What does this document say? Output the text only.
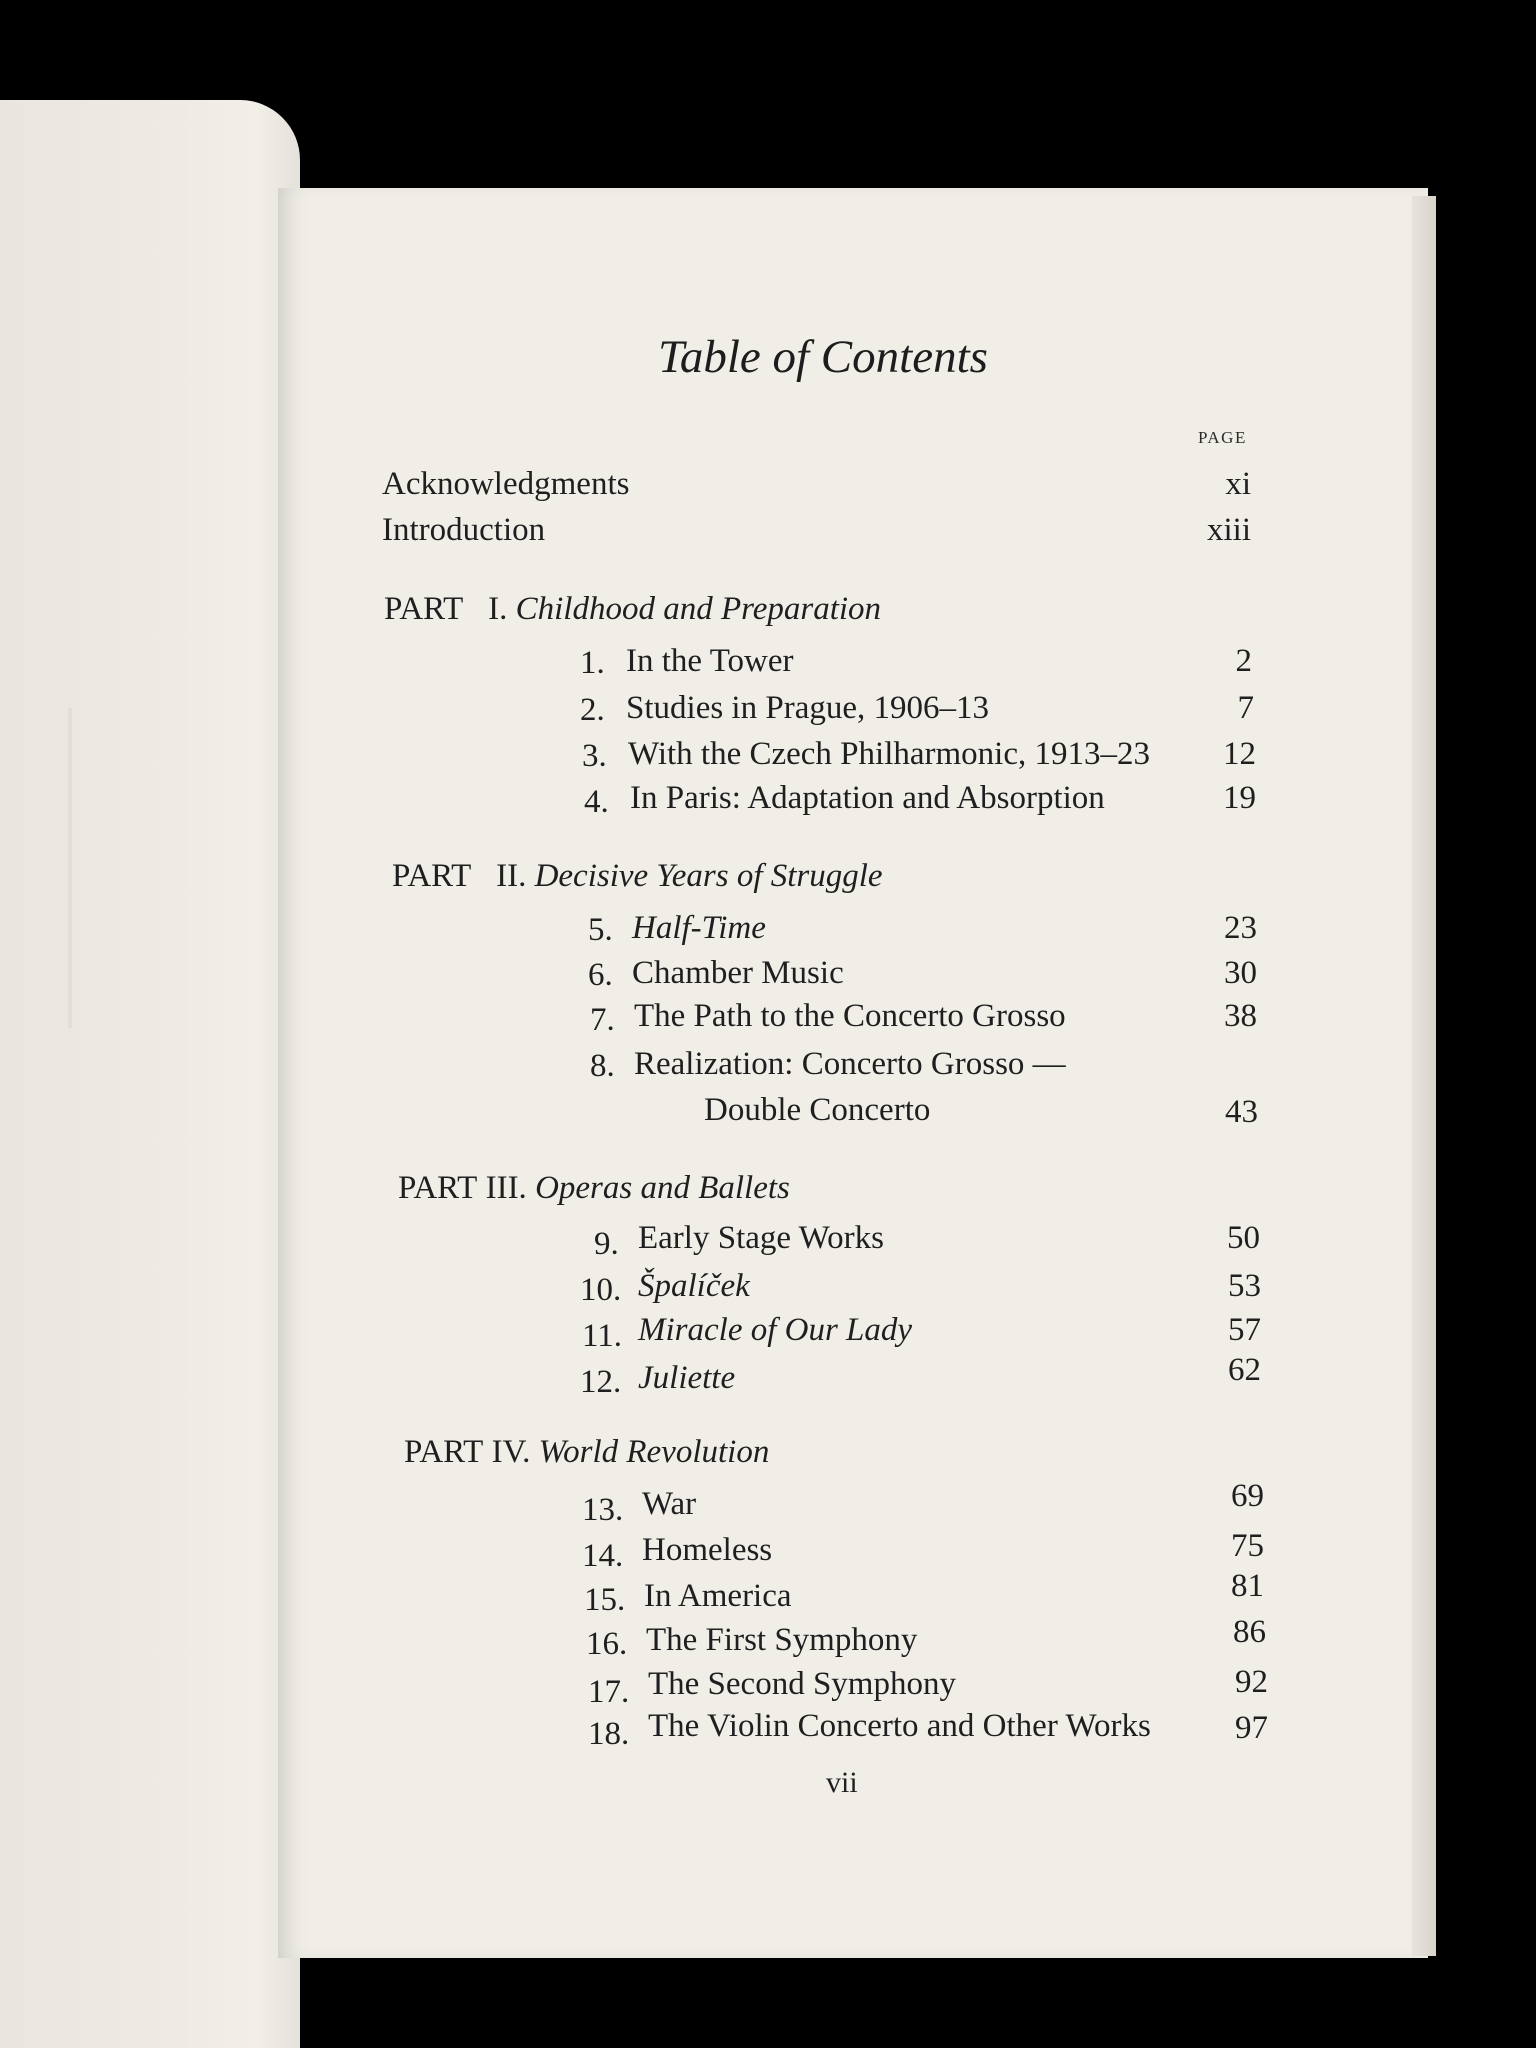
Table of Contents
PAGE
Acknowledgments	xi
Introduction	xiii
PART I. Childhood and Preparation
1. In the Tower	2
2. Studies in Prague, 1906–13	7
3. With the Czech Philharmonic, 1913–23	12
4. In Paris: Adaptation and Absorption	19
PART II. Decisive Years of Struggle
5. Half-Time	23
6. Chamber Music	30
7. The Path to the Concerto Grosso	38
8. Realization: Concerto Grosso —
Double Concerto	43
PART III. Operas and Ballets
9. Early Stage Works	50
10. Špalíček	53
11. Miracle of Our Lady	57
12. Juliette	62
PART IV. World Revolution
13. War	69
14. Homeless	75
15. In America	81
16. The First Symphony	86
17. The Second Symphony	92
18. The Violin Concerto and Other Works	97
vii
